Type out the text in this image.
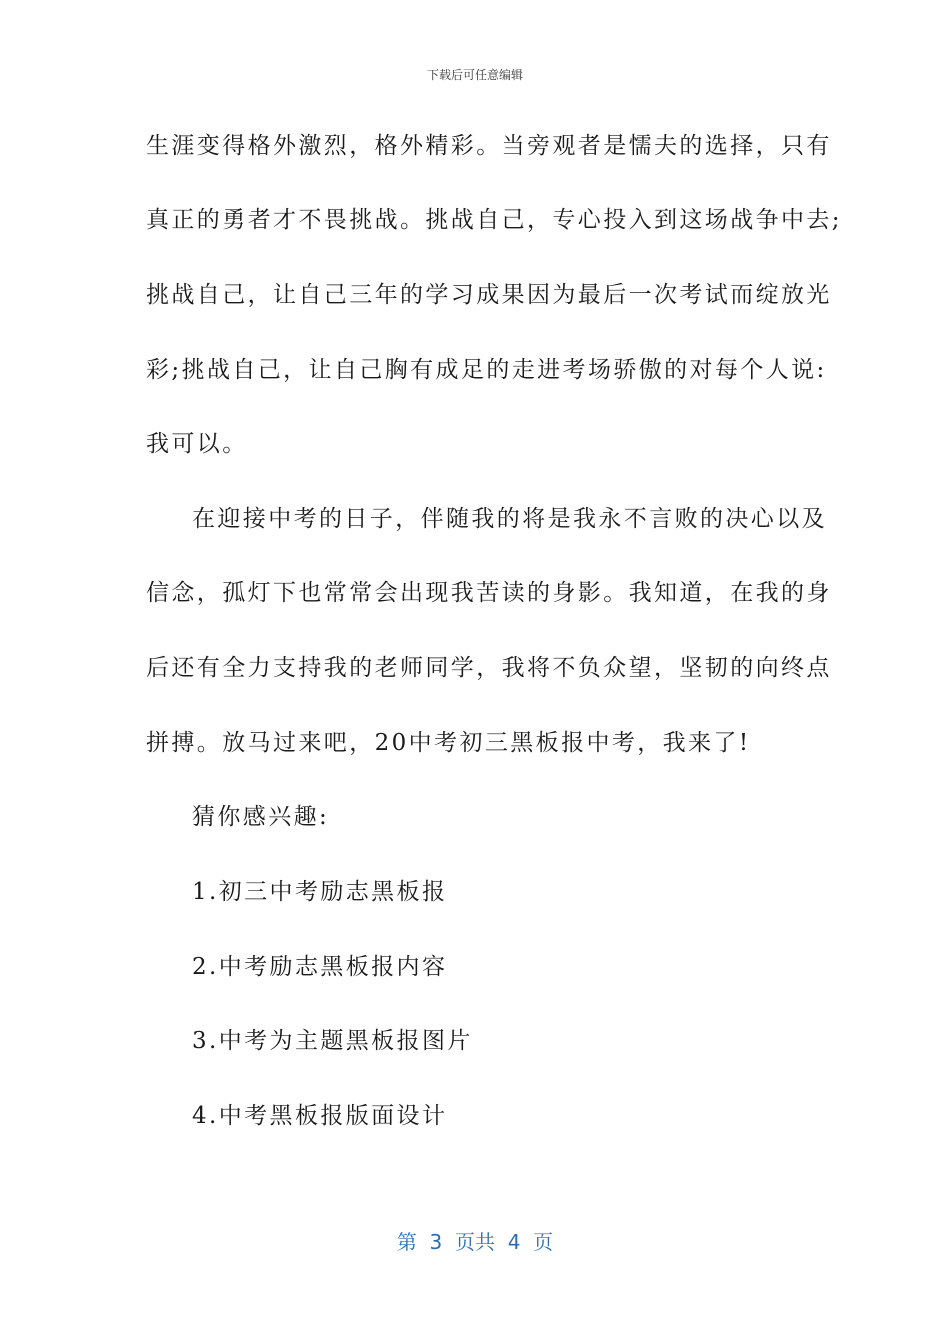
下载后可任意编辑
生涯变得格外激烈，格外精彩。当旁观者是懦夫的选择，只有
真正的勇者才不畏挑战。挑战自己，专心投入到这场战争中去;
挑战自己，让自己三年的学习成果因为最后一次考试而绽放光
彩;挑战自己，让自己胸有成足的走进考场骄傲的对每个人说:
我可以。
在迎接中考的日子，伴随我的将是我永不言败的决心以及
信念，孤灯下也常常会出现我苦读的身影。我知道，在我的身
后还有全力支持我的老师同学，我将不负众望，坚韧的向终点
拼搏。放马过来吧，20中考初三黑板报中考，我来了!
猜你感兴趣:
1.初三中考励志黑板报
2.中考励志黑板报内容
3.中考为主题黑板报图片
4.中考黑板报版面设计
第  3  页共  4  页
